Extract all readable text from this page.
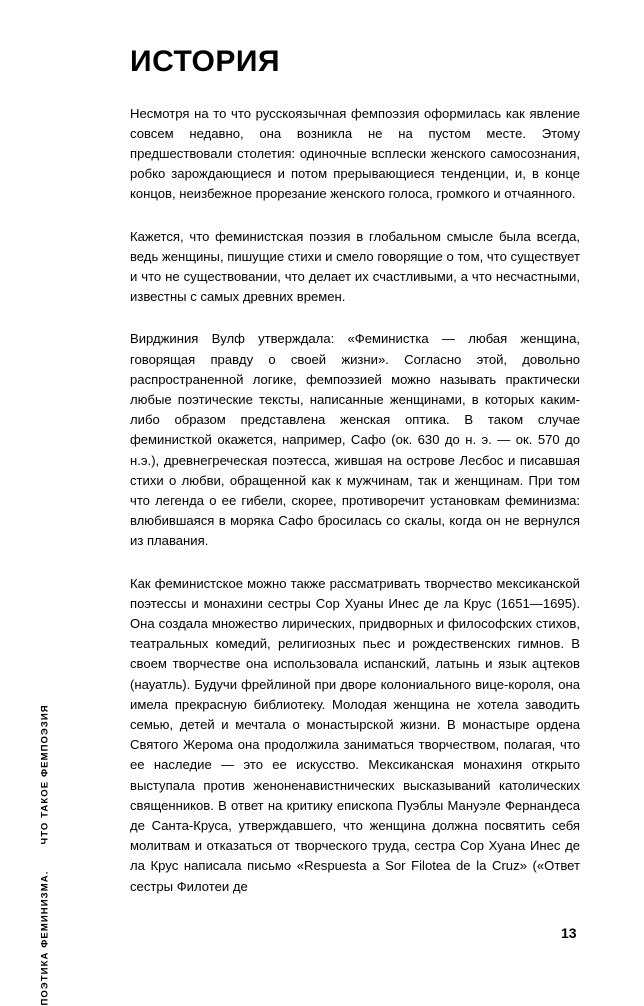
ПОЭТИКА ФЕМИНИЗМА.ЧТО ТАКОЕ ФЕМПОЭЗИЯ
ИСТОРИЯ

Несмотря на то что русскоязычная фемпоэзия оформилась как явление совсем недавно, она возникла не на пустом месте. Этому предшествовали столетия: одиночные всплески женского самосознания, робко зарождающиеся и потом прерывающиеся тенденции, и, в конце концов, неизбежное прорезание женского голоса, громкого и отчаянного.

Кажется, что феминистская поэзия в глобальном смысле была всегда, ведь женщины, пишущие стихи и смело говорящие о том, что существует и что не существовании, что делает их счастливыми, а что несчастными, известны с самых древних времен.

Вирджиния Вулф утверждала: «Феминистка — любая женщина, говорящая правду о своей жизни». Согласно этой, довольно распространенной логике, фемпоэзией можно называть практически любые поэтические тексты, написанные женщинами, в которых каким-либо образом представлена женская оптика. В таком случае феминисткой окажется, например, Сафо (ок. 630 до н. э. — ок. 570 до н.э.), древнегреческая поэтесса, жившая на острове Лесбос и писавшая стихи о любви, обращенной как к мужчинам, так и женщинам. При том что легенда о ее гибели, скорее, противоречит установкам феминизма: влюбившаяся в моряка Сафо бросилась со скалы, когда он не вернулся из плавания.

Как феминистское можно также рассматривать творчество мексиканской поэтессы и монахини сестры Сор Хуаны Инес де ла Крус (1651—1695). Она создала множество лирических, придворных и философских стихов, театральных комедий, религиозных пьес и рождественских гимнов. В своем творчестве она использовала испанский, латынь и язык ацтеков (науатль). Будучи фрейлиной при дворе колониального вице-короля, она имела прекрасную библиотеку. Молодая женщина не хотела заводить семью, детей и мечтала о монастырской жизни. В монастыре ордена Святого Жерома она продолжила заниматься творчеством, полагая, что ее наследие — это ее искусство. Мексиканская монахиня открыто выступала против женоненавистнических высказываний католических священников. В ответ на критику епископа Пуэблы Мануэле Фернандеса де Санта-Круса, утверждавшего, что женщина должна посвятить себя молитвам и отказаться от творческого труда, сестра Сор Хуана Инес де ла Крус написала письмо «Respuesta a Sor Filotea de la Cruz» («Ответ сестры Филотеи де

13
